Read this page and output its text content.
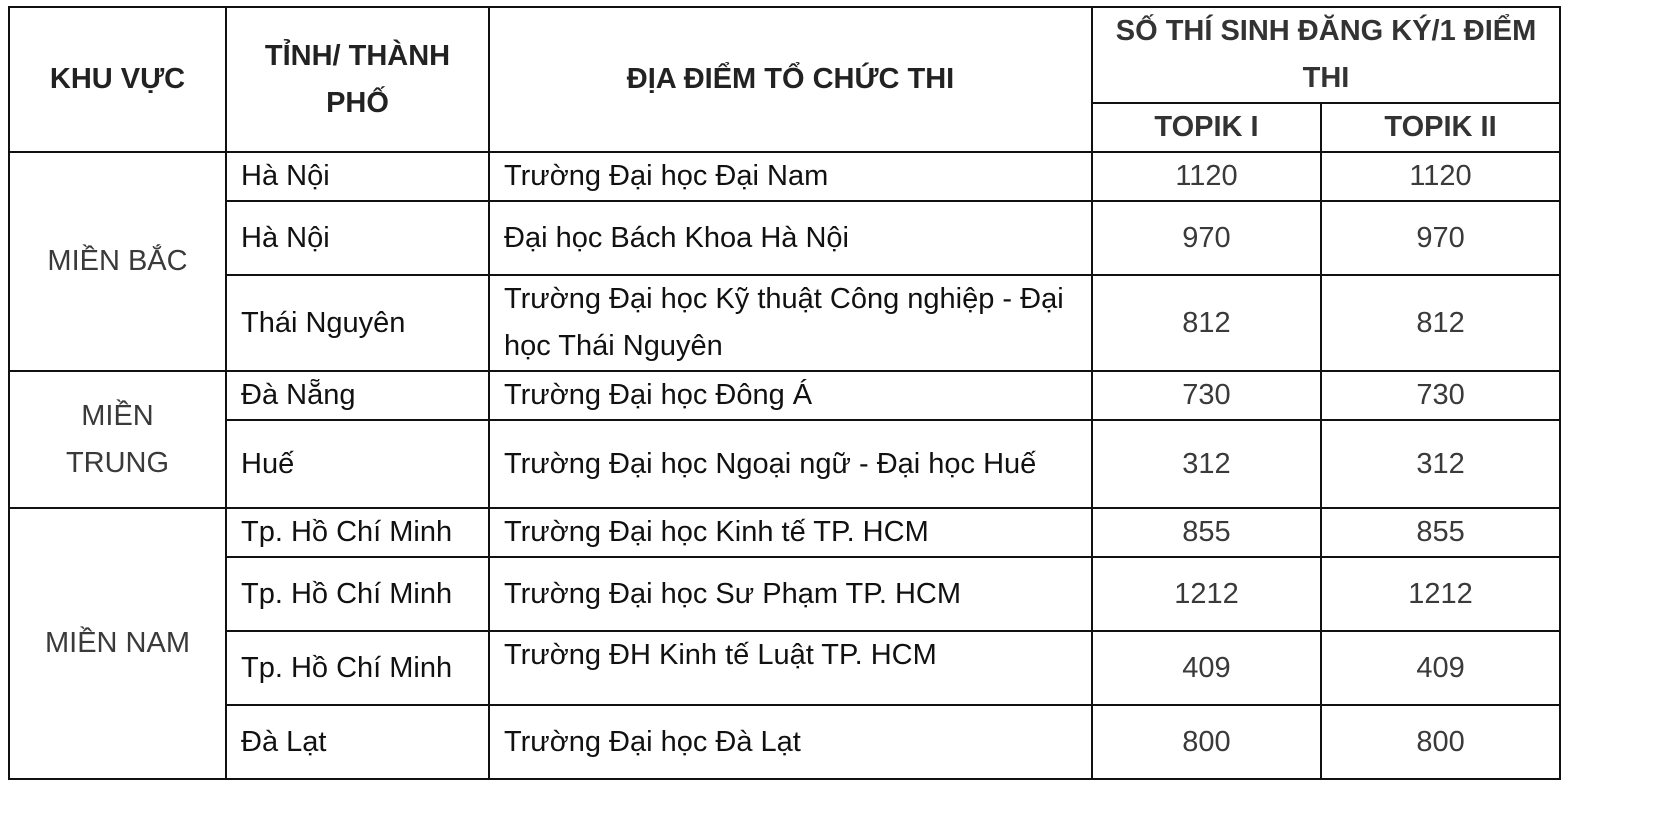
KHU VỰC	TỈNH/ THÀNH PHỐ	ĐỊA ĐIỂM TỔ CHỨC THI	SỐ THÍ SINH ĐĂNG KÝ/1 ĐIỂM THI	
			TOPIK I	TOPIK II
MIỀN BẮC	Hà Nội	Trường Đại học Đại Nam	1120	1120
	Hà Nội	Đại học Bách Khoa Hà Nội	970	970
	Thái Nguyên	Trường Đại học Kỹ thuật Công nghiệp - Đại học Thái Nguyên	812	812
MIỀN TRUNG	Đà Nẵng	Trường Đại học Đông Á	730	730
	Huế	Trường Đại học Ngoại ngữ - Đại học Huế	312	312
MIỀN NAM	Tp. Hồ Chí Minh	Trường Đại học Kinh tế TP. HCM	855	855
	Tp. Hồ Chí Minh	Trường Đại học Sư Phạm TP. HCM	1212	1212
	Tp. Hồ Chí Minh	Trường ĐH Kinh tế Luật TP. HCM	409	409
	Đà Lạt	Trường Đại học Đà Lạt	800	800
